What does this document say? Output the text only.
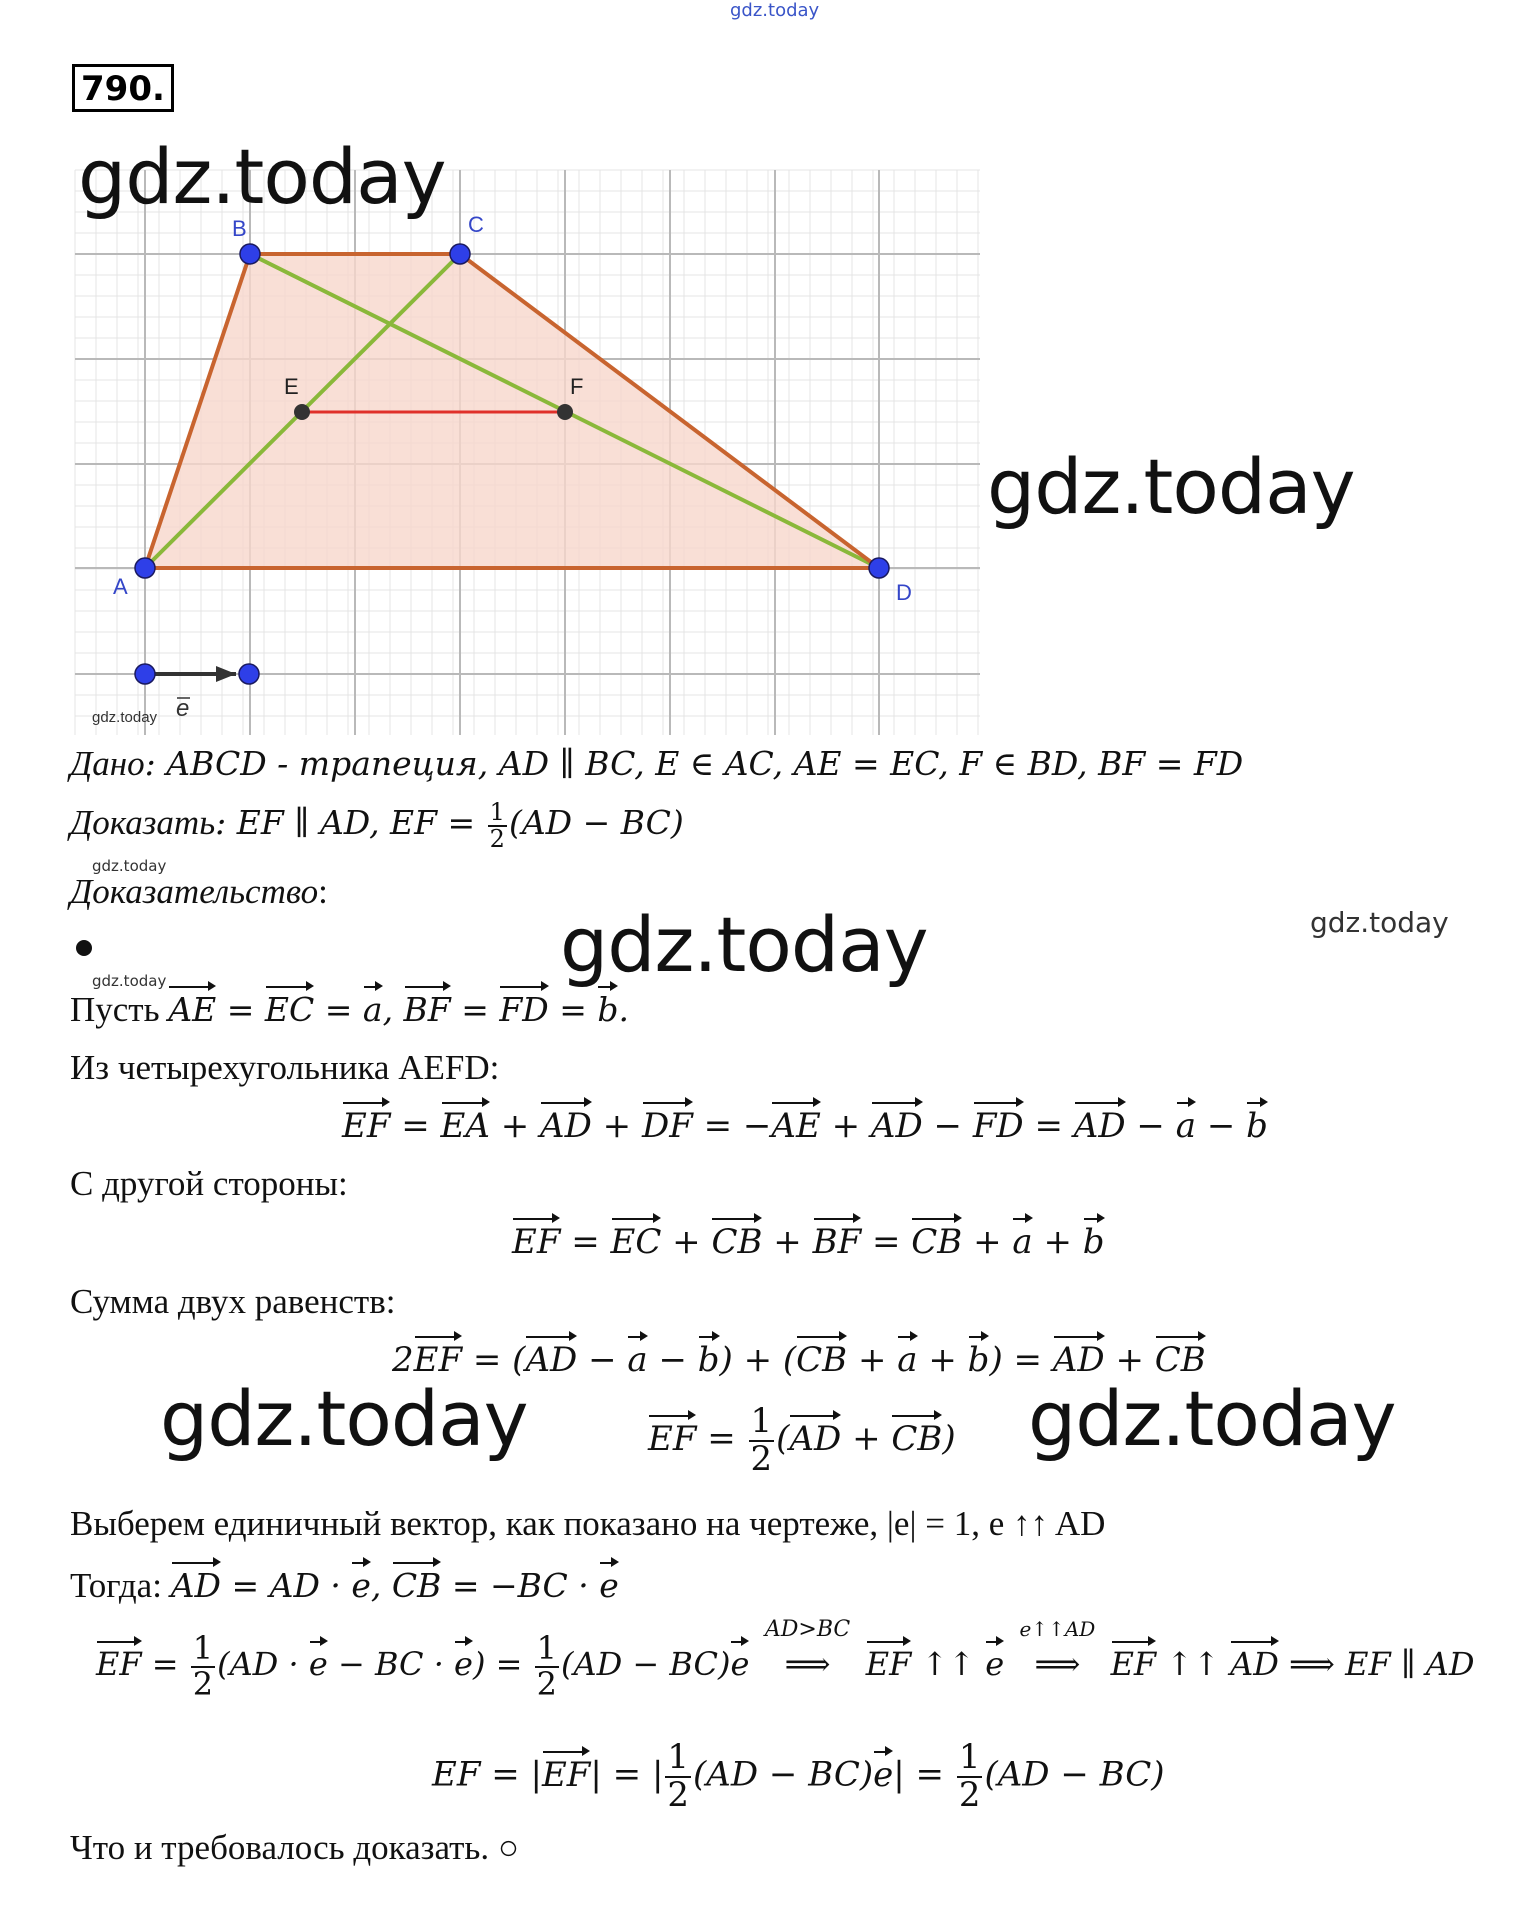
gdz.today
790.
A
B	C
D
E	F
gdz.today e
gdz.today
gdz.today
gdz.today
gdz.today	gdz.today
gdz.today
gdz.today
gdz.today
Дано: ABCD - трапеция, AD ∥ BC, E ∈ AC, AE = EC, F ∈ BD, BF = FD
Доказать: EF ∥ AD, EF = $\frac{1}{2} (AD - BC)$
Доказательство:
Пусть AE = EC = a, BF = FD = b.
Из четырехугольника AEFD:
EF = EA + AD + DF = −AE + AD − FD = AD − a − b
С другой стороны:
EF = EC + CB + BF = CB + a + b
Сумма двух равенств:
2EF = (AD − a − b) + (CB + a + b) = AD + CB
EF = $\frac{1}{2} (AD + CB)$
Выберем единичный вектор, как показано на чертеже, |e| = 1, e ↑↑ AD
Тогда: AD = AD · e, CB = −BC · e
EF = $\frac{1}{2} (AD \cdot e$ − BC · $e) = \frac{1}{2} (AD - BC)e$ ⟹
AD>BC
EF ↑↑ e ⟹
e↑↑AD
EF ↑↑ AD ⟹ EF ∥ AD
EF = |EF| = | $\frac{1}{2} (AD - BC)e| = \frac{1}{2} (AD - BC)$
Что и требовалось доказать. ○
